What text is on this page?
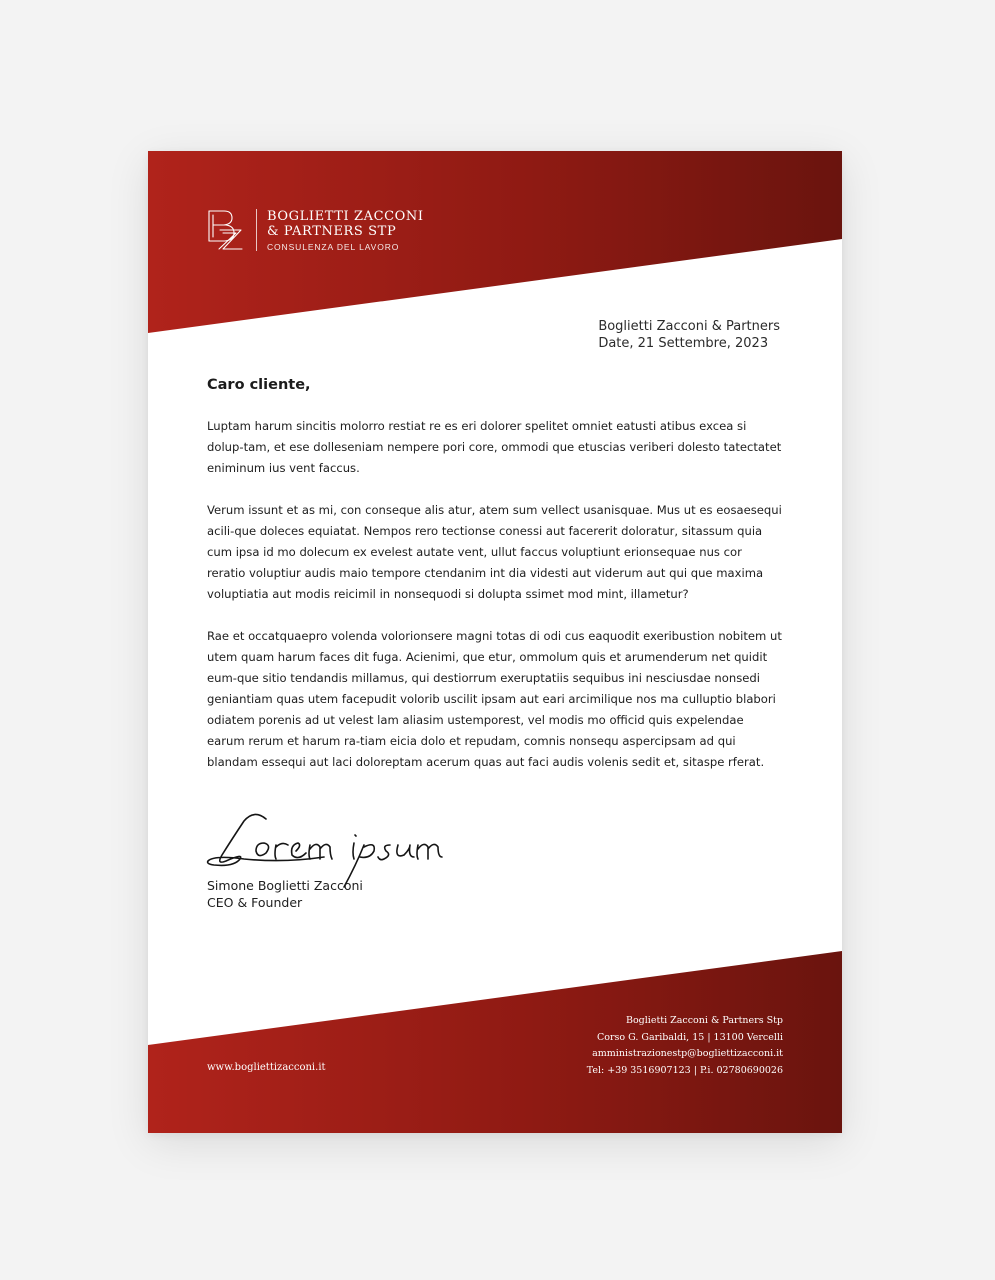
BOGLIETTI ZACCONI
& PARTNERS STP
CONSULENZA DEL LAVORO
Boglietti Zacconi & Partners
Date, 21 Settembre, 2023
Caro cliente,

Luptam harum sincitis molorro restiat re es eri dolorer spelitet omniet eatusti atibus excea si dolup-tam, et ese dolleseniam nempere pori core, ommodi que etuscias veriberi dolesto tatectatet eniminum ius vent faccus.

Verum issunt et as mi, con conseque alis atur, atem sum vellect usanisquae. Mus ut es eosaesequi acili-que doleces equiatat. Nempos rero tectionse conessi aut facererit doloratur, sitassum quia cum ipsa id mo dolecum ex evelest autate vent, ullut faccus voluptiunt erionsequae nus cor reratio voluptiur audis maio tempore ctendanim int dia videsti aut viderum aut qui que maxima voluptiatia aut modis reicimil in nonsequodi si dolupta ssimet mod mint, illametur?

Rae et occatquaepro volenda volorionsere magni totas di odi cus eaquodit exeribustion nobitem ut utem quam harum faces dit fuga. Acienimi, que etur, ommolum quis et arumenderum net quidit eum-que sitio tendandis millamus, qui destiorrum exeruptatiis sequibus ini nesciusdae nonsedi geniantiam quas utem facepudit volorib uscilit ipsam aut eari arcimilique nos ma culluptio blabori odiatem porenis ad ut velest lam aliasim ustemporest, vel modis mo officid quis expelendae earum rerum et harum ra-tiam eicia dolo et repudam, comnis nonsequ aspercipsam ad qui blandam essequi aut laci doloreptam acerum quas aut faci audis volenis sedit et, sitaspe rferat.

Simone Boglietti Zacconi
CEO & Founder
www.bogliettizacconi.it
Boglietti Zacconi & Partners Stp
Corso G. Garibaldi, 15 | 13100 Vercelli
amministrazionestp@bogliettizacconi.it
Tel: +39 3516907123 | P.i. 02780690026
